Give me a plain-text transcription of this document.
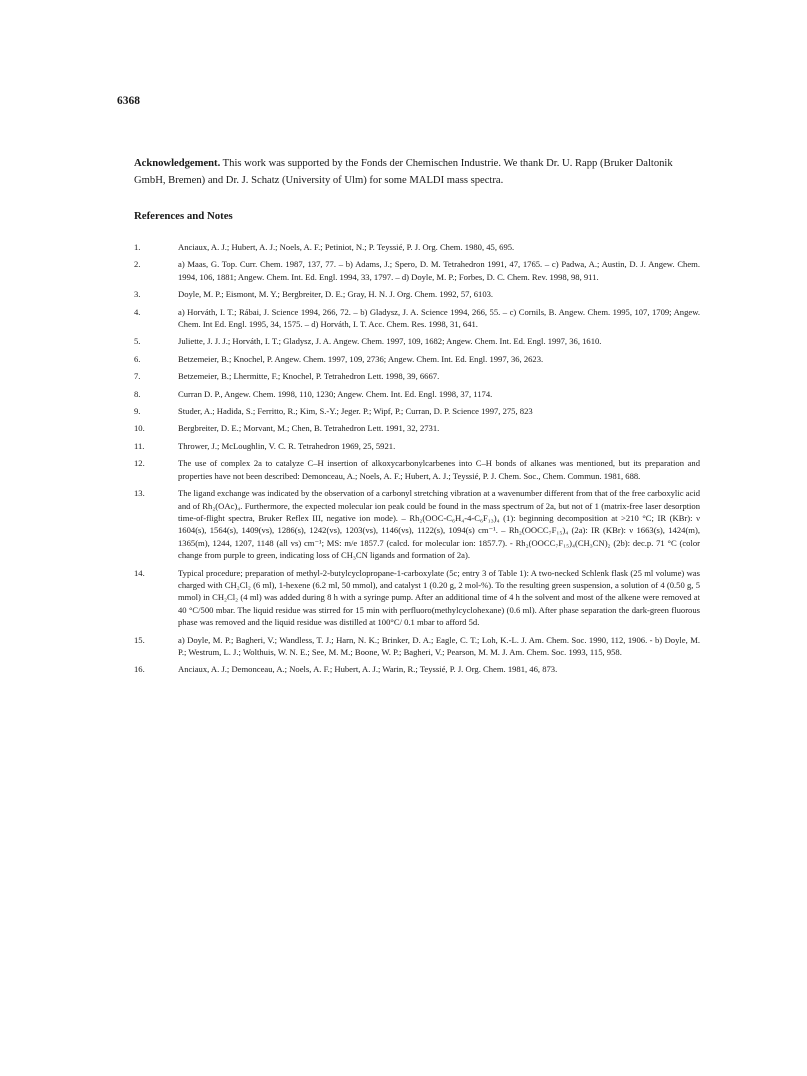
6368

Acknowledgement. This work was supported by the Fonds der Chemischen Industrie. We thank Dr. U. Rapp (Bruker Daltonik GmbH, Bremen) and Dr. J. Schatz (University of Ulm) for some MALDI mass spectra.

References and Notes
1.	Anciaux, A. J.; Hubert, A. J.; Noels, A. F.; Petiniot, N.; P. Teyssié, P. J. Org. Chem. 1980, 45, 695.
2.	a) Maas, G. Top. Curr. Chem. 1987, 137, 77. – b) Adams, J.; Spero, D. M. Tetrahedron 1991, 47, 1765. – c) Padwa, A.; Austin, D. J. Angew. Chem. 1994, 106, 1881; Angew. Chem. Int. Ed. Engl. 1994, 33, 1797. – d) Doyle, M. P.; Forbes, D. C. Chem. Rev. 1998, 98, 911.
3.	Doyle, M. P.; Eismont, M. Y.; Bergbreiter, D. E.; Gray, H. N. J. Org. Chem. 1992, 57, 6103.
4.	a) Horváth, I. T.; Rábai, J. Science 1994, 266, 72. – b) Gladysz, J. A. Science 1994, 266, 55. – c) Cornils, B. Angew. Chem. 1995, 107, 1709; Angew. Chem. Int Ed. Engl. 1995, 34, 1575. – d) Horváth, I. T. Acc. Chem. Res. 1998, 31, 641.
5.	Juliette, J. J. J.; Horváth, I. T.; Gladysz, J. A. Angew. Chem. 1997, 109, 1682; Angew. Chem. Int. Ed. Engl. 1997, 36, 1610.
6.	Betzemeier, B.; Knochel, P. Angew. Chem. 1997, 109, 2736; Angew. Chem. Int. Ed. Engl. 1997, 36, 2623.
7.	Betzemeier, B.; Lhermitte, F.; Knochel, P. Tetrahedron Lett. 1998, 39, 6667.
8.	Curran D. P., Angew. Chem. 1998, 110, 1230; Angew. Chem. Int. Ed. Engl. 1998, 37, 1174.
9.	Studer, A.; Hadida, S.; Ferritto, R.; Kim, S.-Y.; Jeger. P.; Wipf, P.; Curran, D. P. Science 1997, 275, 823
10.	Bergbreiter, D. E.; Morvant, M.; Chen, B. Tetrahedron Lett. 1991, 32, 2731.
11.	Thrower, J.; McLoughlin, V. C. R. Tetrahedron 1969, 25, 5921.
12.	The use of complex 2a to catalyze C–H insertion of alkoxycarbonylcarbenes into C–H bonds of alkanes was mentioned, but its preparation and properties have not been described: Demonceau, A.; Noels, A. F.; Hubert, A. J.; Teyssié, P. J. Chem. Soc., Chem. Commun. 1981, 688.
13.	The ligand exchange was indicated by the observation of a carbonyl stretching vibration at a wavenumber different from that of the free carboxylic acid and of Rh₂(OAc)₄. Furthermore, the expected molecular ion peak could be found in the mass spectrum of 2a, but not of 1 (matrix-free laser desorption time-of-flight spectra, Bruker Reflex III, negative ion mode). – Rh₂(OOC-C₆H₄-4-C₆F₁₃)₄ (1): beginning decomposition at >210 °C; IR (KBr): ν 1604(s), 1564(s), 1409(vs), 1286(s), 1242(vs), 1203(vs), 1146(vs), 1122(s), 1094(s) cm⁻¹. – Rh₂(OOCC₇F₁₅)₄ (2a): IR (KBr): ν 1663(s), 1424(m), 1365(m), 1244, 1207, 1148 (all vs) cm⁻¹; MS: m/e 1857.7 (calcd. for molecular ion: 1857.7). - Rh₂(OOCC₇F₁₅)₄(CH₃CN)₂ (2b): dec.p. 71 °C (color change from purple to green, indicating loss of CH₃CN ligands and formation of 2a).
14.	Typical procedure; preparation of methyl-2-butylcyclopropane-1-carboxylate (5c; entry 3 of Table 1): A two-necked Schlenk flask (25 ml volume) was charged with CH₂Cl₂ (6 ml), 1-hexene (6.2 ml, 50 mmol), and catalyst 1 (0.20 g, 2 mol-%). To the resulting green suspension, a solution of 4 (0.50 g, 5 mmol) in CH₂Cl₂ (4 ml) was added during 8 h with a syringe pump. After an additional time of 4 h the solvent and most of the alkene were removed at 40 °C/500 mbar. The liquid residue was stirred for 15 min with perfluoro(methylcyclohexane) (0.6 ml). After phase separation the dark-green fluorous phase was removed and the liquid residue was distilled at 100°C/ 0.1 mbar to afford 5d.
15.	a) Doyle, M. P.; Bagheri, V.; Wandless, T. J.; Harn, N. K.; Brinker, D. A.; Eagle, C. T.; Loh, K.-L. J. Am. Chem. Soc. 1990, 112, 1906. - b) Doyle, M. P.; Westrum, L. J.; Wolthuis, W. N. E.; See, M. M.; Boone, W. P.; Bagheri, V.; Pearson, M. M. J. Am. Chem. Soc. 1993, 115, 958.
16.	Anciaux, A. J.; Demonceau, A.; Noels, A. F.; Hubert, A. J.; Warin, R.; Teyssié, P. J. Org. Chem. 1981, 46, 873.
